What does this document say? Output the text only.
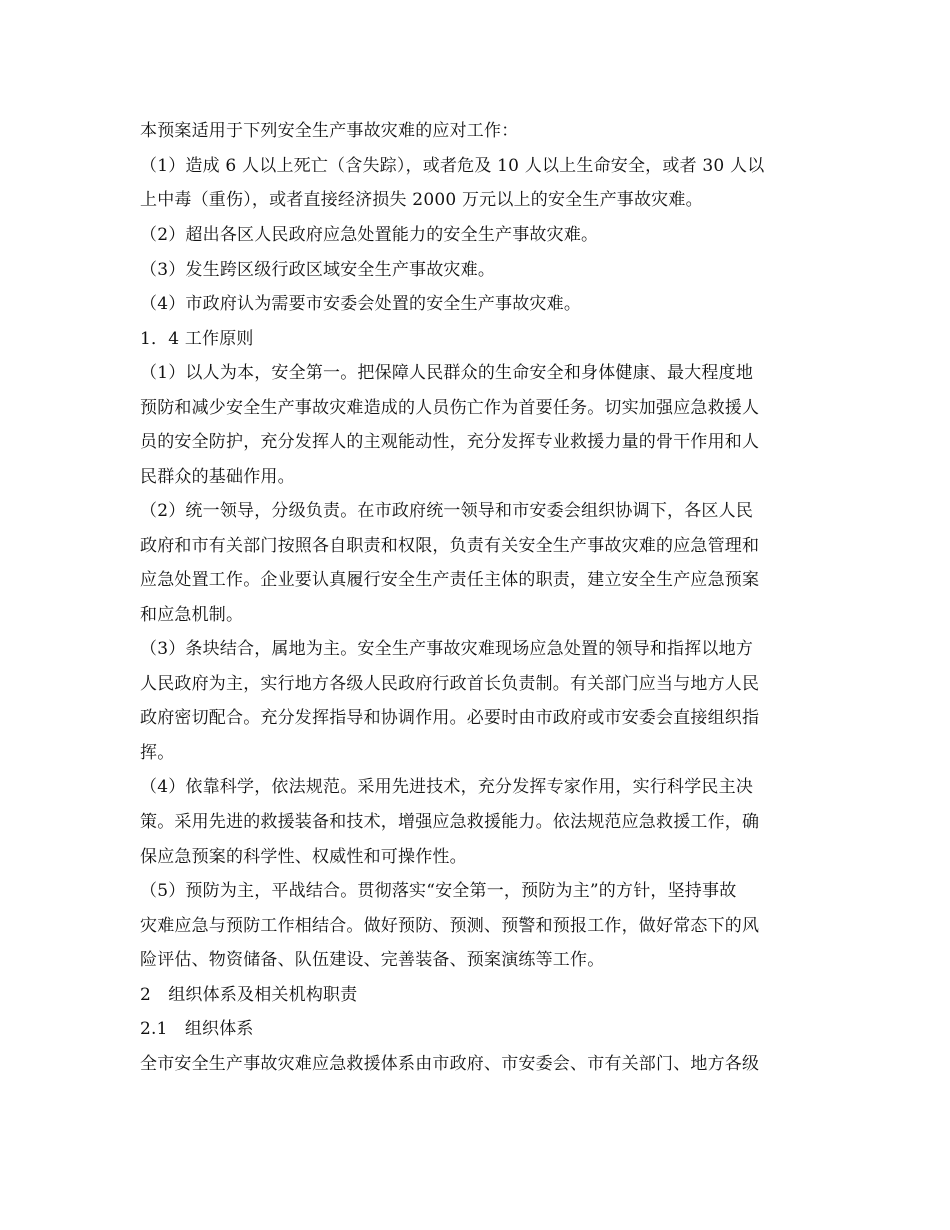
本预案适用于下列安全生产事故灾难的应对工作：

（1）造成 6 人以上死亡（含失踪），或者危及 10 人以上生命安全，或者 30 人以

上中毒（重伤），或者直接经济损失 2000 万元以上的安全生产事故灾难。

（2）超出各区人民政府应急处置能力的安全生产事故灾难。

（3）发生跨区级行政区域安全生产事故灾难。

（4）市政府认为需要市安委会处置的安全生产事故灾难。

1．4 工作原则

（1）以人为本，安全第一。把保障人民群众的生命安全和身体健康、最大程度地

预防和减少安全生产事故灾难造成的人员伤亡作为首要任务。切实加强应急救援人

员的安全防护，充分发挥人的主观能动性，充分发挥专业救援力量的骨干作用和人

民群众的基础作用。

（2）统一领导，分级负责。在市政府统一领导和市安委会组织协调下，各区人民

政府和市有关部门按照各自职责和权限，负责有关安全生产事故灾难的应急管理和

应急处置工作。企业要认真履行安全生产责任主体的职责，建立安全生产应急预案

和应急机制。

（3）条块结合，属地为主。安全生产事故灾难现场应急处置的领导和指挥以地方

人民政府为主，实行地方各级人民政府行政首长负责制。有关部门应当与地方人民

政府密切配合。充分发挥指导和协调作用。必要时由市政府或市安委会直接组织指

挥。

（4）依靠科学，依法规范。采用先进技术，充分发挥专家作用，实行科学民主决

策。采用先进的救援装备和技术，增强应急救援能力。依法规范应急救援工作，确

保应急预案的科学性、权威性和可操作性。

（5）预防为主，平战结合。贯彻落实“安全第一，预防为主”的方针，坚持事故

灾难应急与预防工作相结合。做好预防、预测、预警和预报工作，做好常态下的风

险评估、物资储备、队伍建设、完善装备、预案演练等工作。

2　组织体系及相关机构职责

2.1　组织体系

全市安全生产事故灾难应急救援体系由市政府、市安委会、市有关部门、地方各级
